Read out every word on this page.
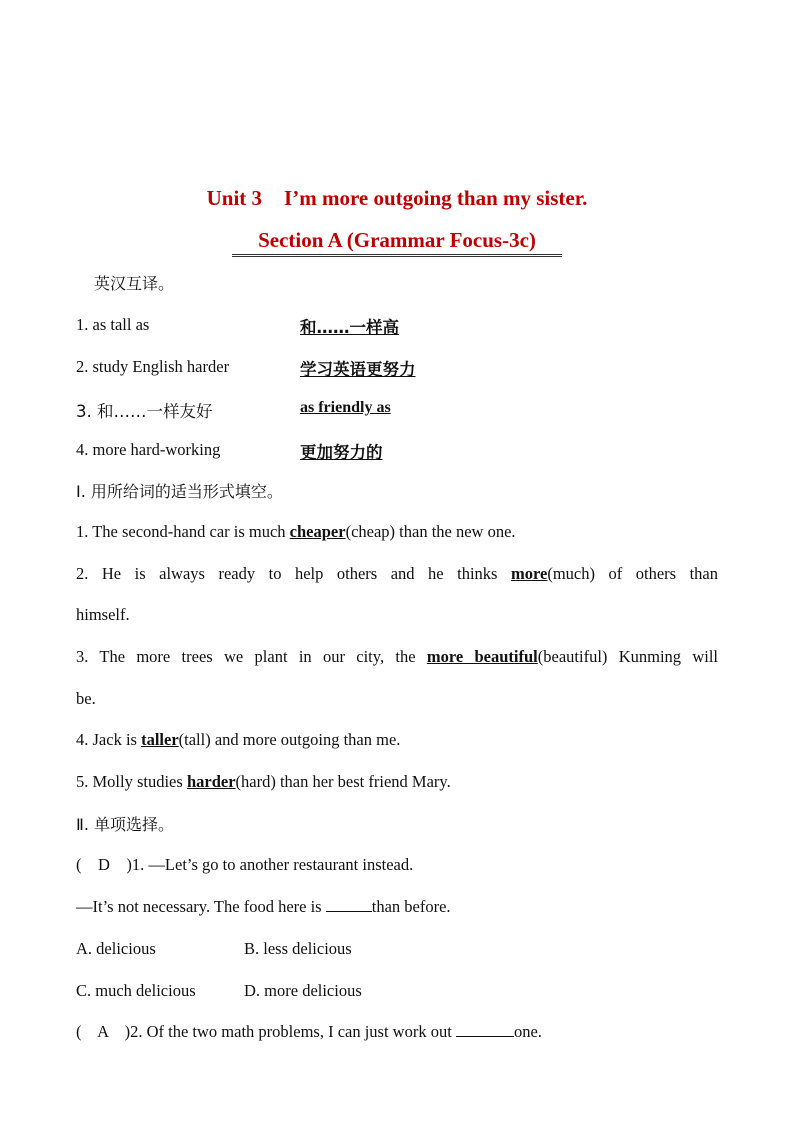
Unit 3 I’m more outgoing than my sister.
Section A (Grammar Focus-3c)
英汉互译。
1. as tall as	和……一样高
2. study English harder	学习英语更努力
3. 和……一样友好	as friendly as
4. more hard-working	更加努力的
Ⅰ. 用所给词的适当形式填空。
1. The second-hand car is much cheaper(cheap) than the new one.
2. He is always ready to help others and he thinks more(much) of others than
himself.
3. The more trees we plant in our city, the more beautiful(beautiful) Kunming will
be.
4. Jack is taller(tall) and more outgoing than me.
5. Molly studies harder(hard) than her best friend Mary.
Ⅱ. 单项选择。
(    D    )1. —Let’s go to another restaurant instead.
—It’s not necessary. The food here is	than before.
A. delicious	B. less delicious
C. much delicious	D. more delicious
(    A    )2. Of the two math problems, I can just work out	one.
